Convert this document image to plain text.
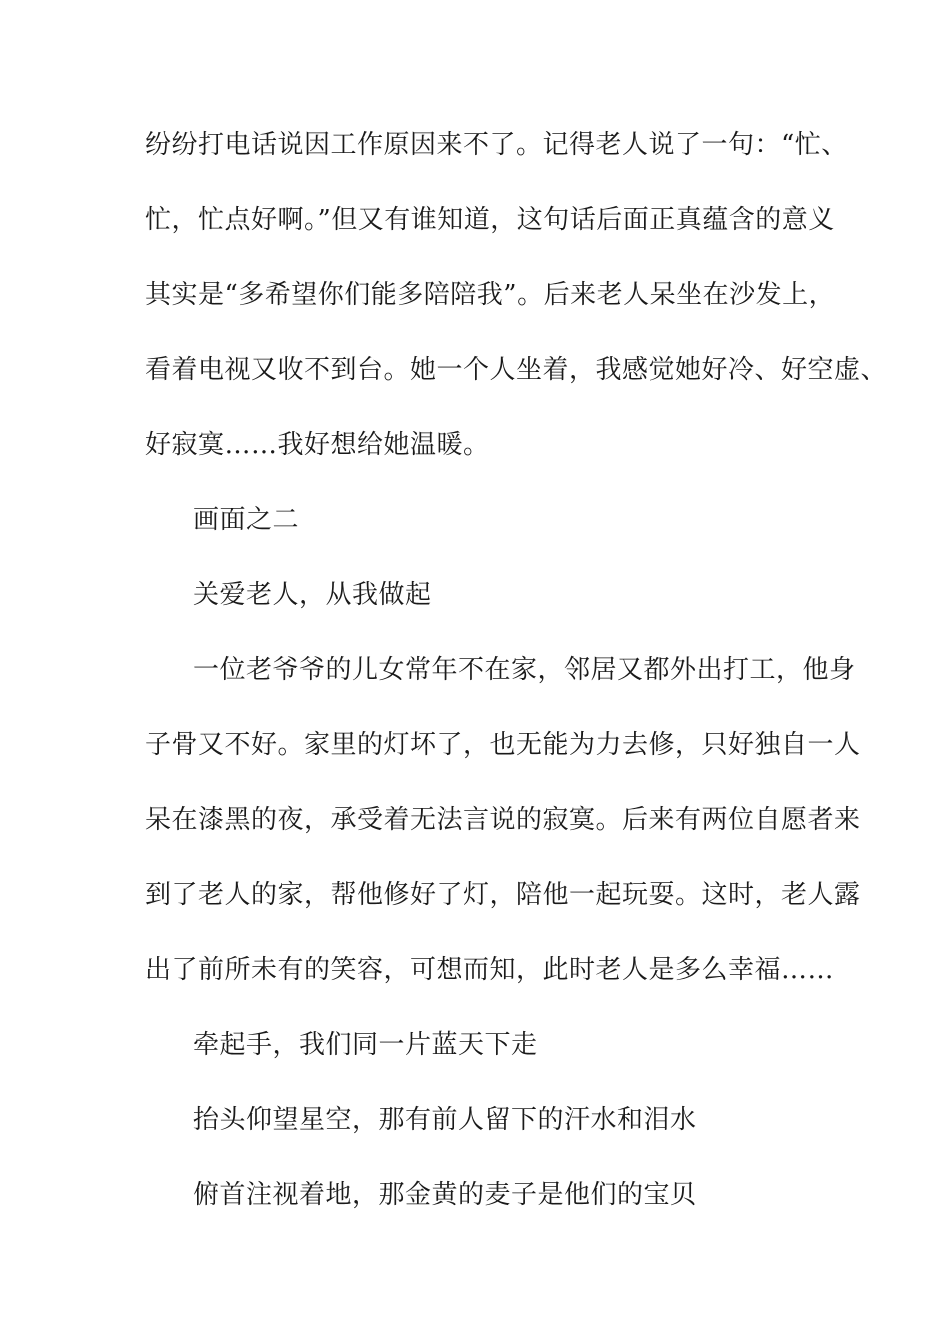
纷纷打电话说因工作原因来不了。记得老人说了一句：“忙、
忙，忙点好啊。”但又有谁知道，这句话后面正真蕴含的意义
其实是“多希望你们能多陪陪我”。后来老人呆坐在沙发上，
看着电视又收不到台。她一个人坐着，我感觉她好冷、好空虚、
好寂寞……我好想给她温暖。
画面之二
关爱老人，从我做起
一位老爷爷的儿女常年不在家，邻居又都外出打工，他身
子骨又不好。家里的灯坏了，也无能为力去修，只好独自一人
呆在漆黑的夜，承受着无法言说的寂寞。后来有两位自愿者来
到了老人的家，帮他修好了灯，陪他一起玩耍。这时，老人露
出了前所未有的笑容，可想而知，此时老人是多么幸福……
牵起手，我们同一片蓝天下走
抬头仰望星空，那有前人留下的汗水和泪水
俯首注视着地，那金黄的麦子是他们的宝贝
